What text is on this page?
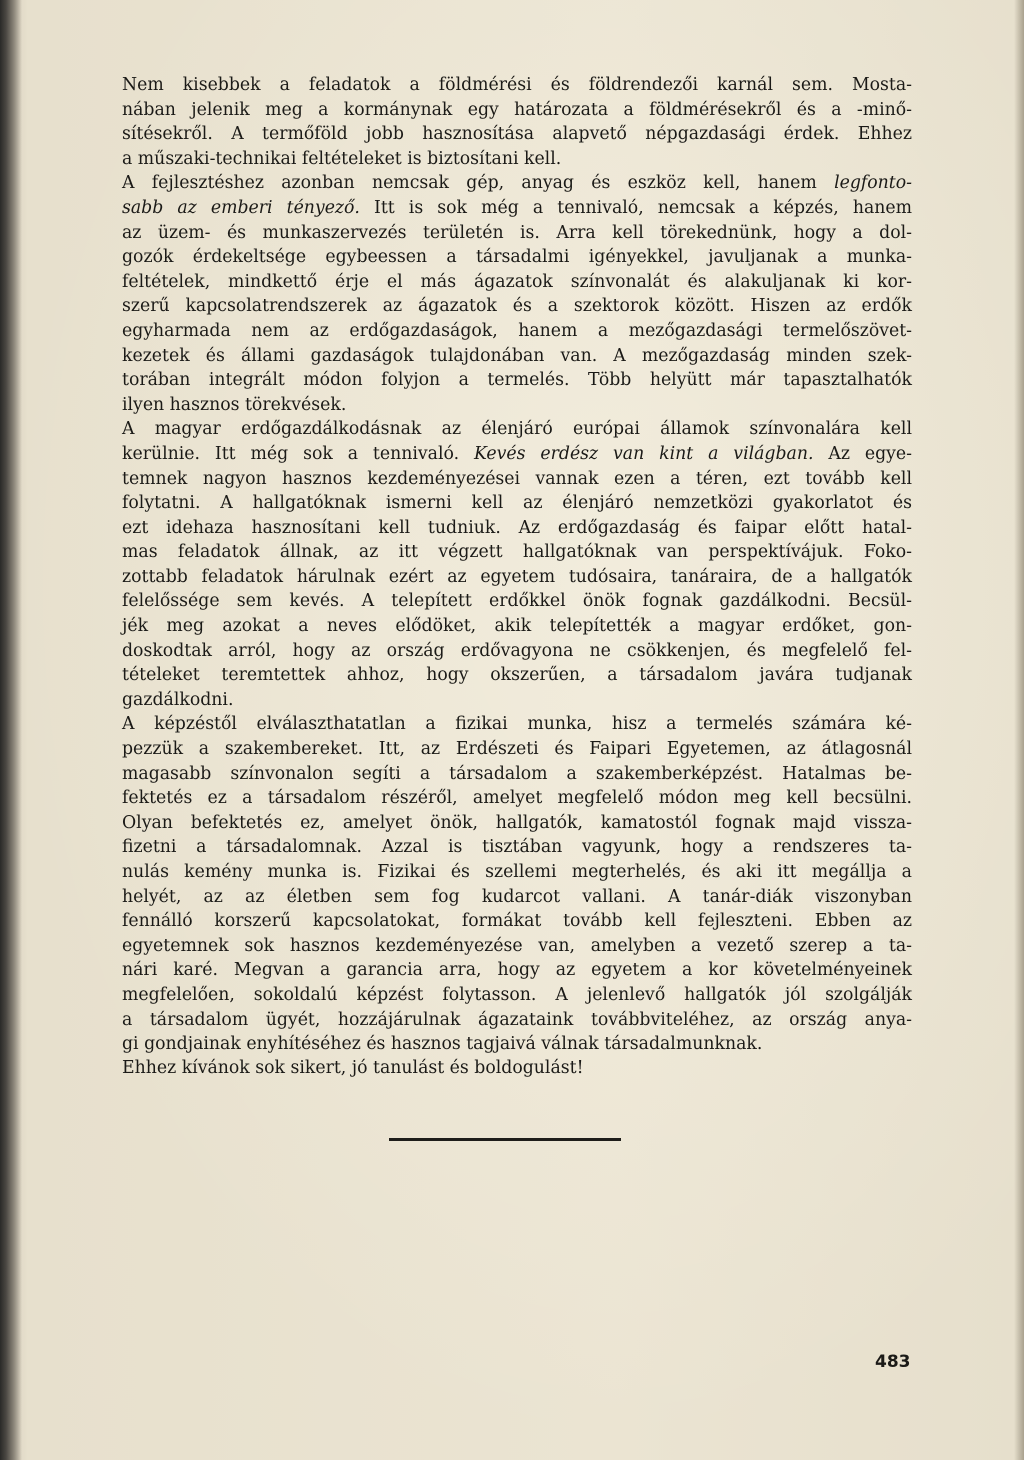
Nem kisebbek a feladatok a földmérési és földrendezői karnál sem. Mosta-
nában jelenik meg a kormánynak egy határozata a földmérésekről és a -minő-
sítésekről. A termőföld jobb hasznosítása alapvető népgazdasági érdek. Ehhez
a műszaki-technikai feltételeket is biztosítani kell.
A fejlesztéshez azonban nemcsak gép, anyag és eszköz kell, hanem legfonto-
sabb az emberi tényező. Itt is sok még a tennivaló, nemcsak a képzés, hanem
az üzem- és munkaszervezés területén is. Arra kell törekednünk, hogy a dol-
gozók érdekeltsége egybeessen a társadalmi igényekkel, javuljanak a munka-
feltételek, mindkettő érje el más ágazatok színvonalát és alakuljanak ki kor-
szerű kapcsolatrendszerek az ágazatok és a szektorok között. Hiszen az erdők
egyharmada nem az erdőgazdaságok, hanem a mezőgazdasági termelőszövet-
kezetek és állami gazdaságok tulajdonában van. A mezőgazdaság minden szek-
torában integrált módon folyjon a termelés. Több helyütt már tapasztalhatók
ilyen hasznos törekvések.
A magyar erdőgazdálkodásnak az élenjáró európai államok színvonalára kell
kerülnie. Itt még sok a tennivaló. Kevés erdész van kint a világban. Az egye-
temnek nagyon hasznos kezdeményezései vannak ezen a téren, ezt tovább kell
folytatni. A hallgatóknak ismerni kell az élenjáró nemzetközi gyakorlatot és
ezt idehaza hasznosítani kell tudniuk. Az erdőgazdaság és faipar előtt hatal-
mas feladatok állnak, az itt végzett hallgatóknak van perspektívájuk. Foko-
zottabb feladatok hárulnak ezért az egyetem tudósaira, tanáraira, de a hallgatók
felelőssége sem kevés. A telepített erdőkkel önök fognak gazdálkodni. Becsül-
jék meg azokat a neves elődöket, akik telepítették a magyar erdőket, gon-
doskodtak arról, hogy az ország erdővagyona ne csökkenjen, és megfelelő fel-
tételeket teremtettek ahhoz, hogy okszerűen, a társadalom javára tudjanak
gazdálkodni.
A képzéstől elválaszthatatlan a fizikai munka, hisz a termelés számára ké-
pezzük a szakembereket. Itt, az Erdészeti és Faipari Egyetemen, az átlagosnál
magasabb színvonalon segíti a társadalom a szakemberképzést. Hatalmas be-
fektetés ez a társadalom részéről, amelyet megfelelő módon meg kell becsülni.
Olyan befektetés ez, amelyet önök, hallgatók, kamatostól fognak majd vissza-
fizetni a társadalomnak. Azzal is tisztában vagyunk, hogy a rendszeres ta-
nulás kemény munka is. Fizikai és szellemi megterhelés, és aki itt megállja a
helyét, az az életben sem fog kudarcot vallani. A tanár-diák viszonyban
fennálló korszerű kapcsolatokat, formákat tovább kell fejleszteni. Ebben az
egyetemnek sok hasznos kezdeményezése van, amelyben a vezető szerep a ta-
nári karé. Megvan a garancia arra, hogy az egyetem a kor követelményeinek
megfelelően, sokoldalú képzést folytasson. A jelenlevő hallgatók jól szolgálják
a társadalom ügyét, hozzájárulnak ágazataink továbbviteléhez, az ország anya-
gi gondjainak enyhítéséhez és hasznos tagjaivá válnak társadalmunknak.
Ehhez kívánok sok sikert, jó tanulást és boldogulást!
483
